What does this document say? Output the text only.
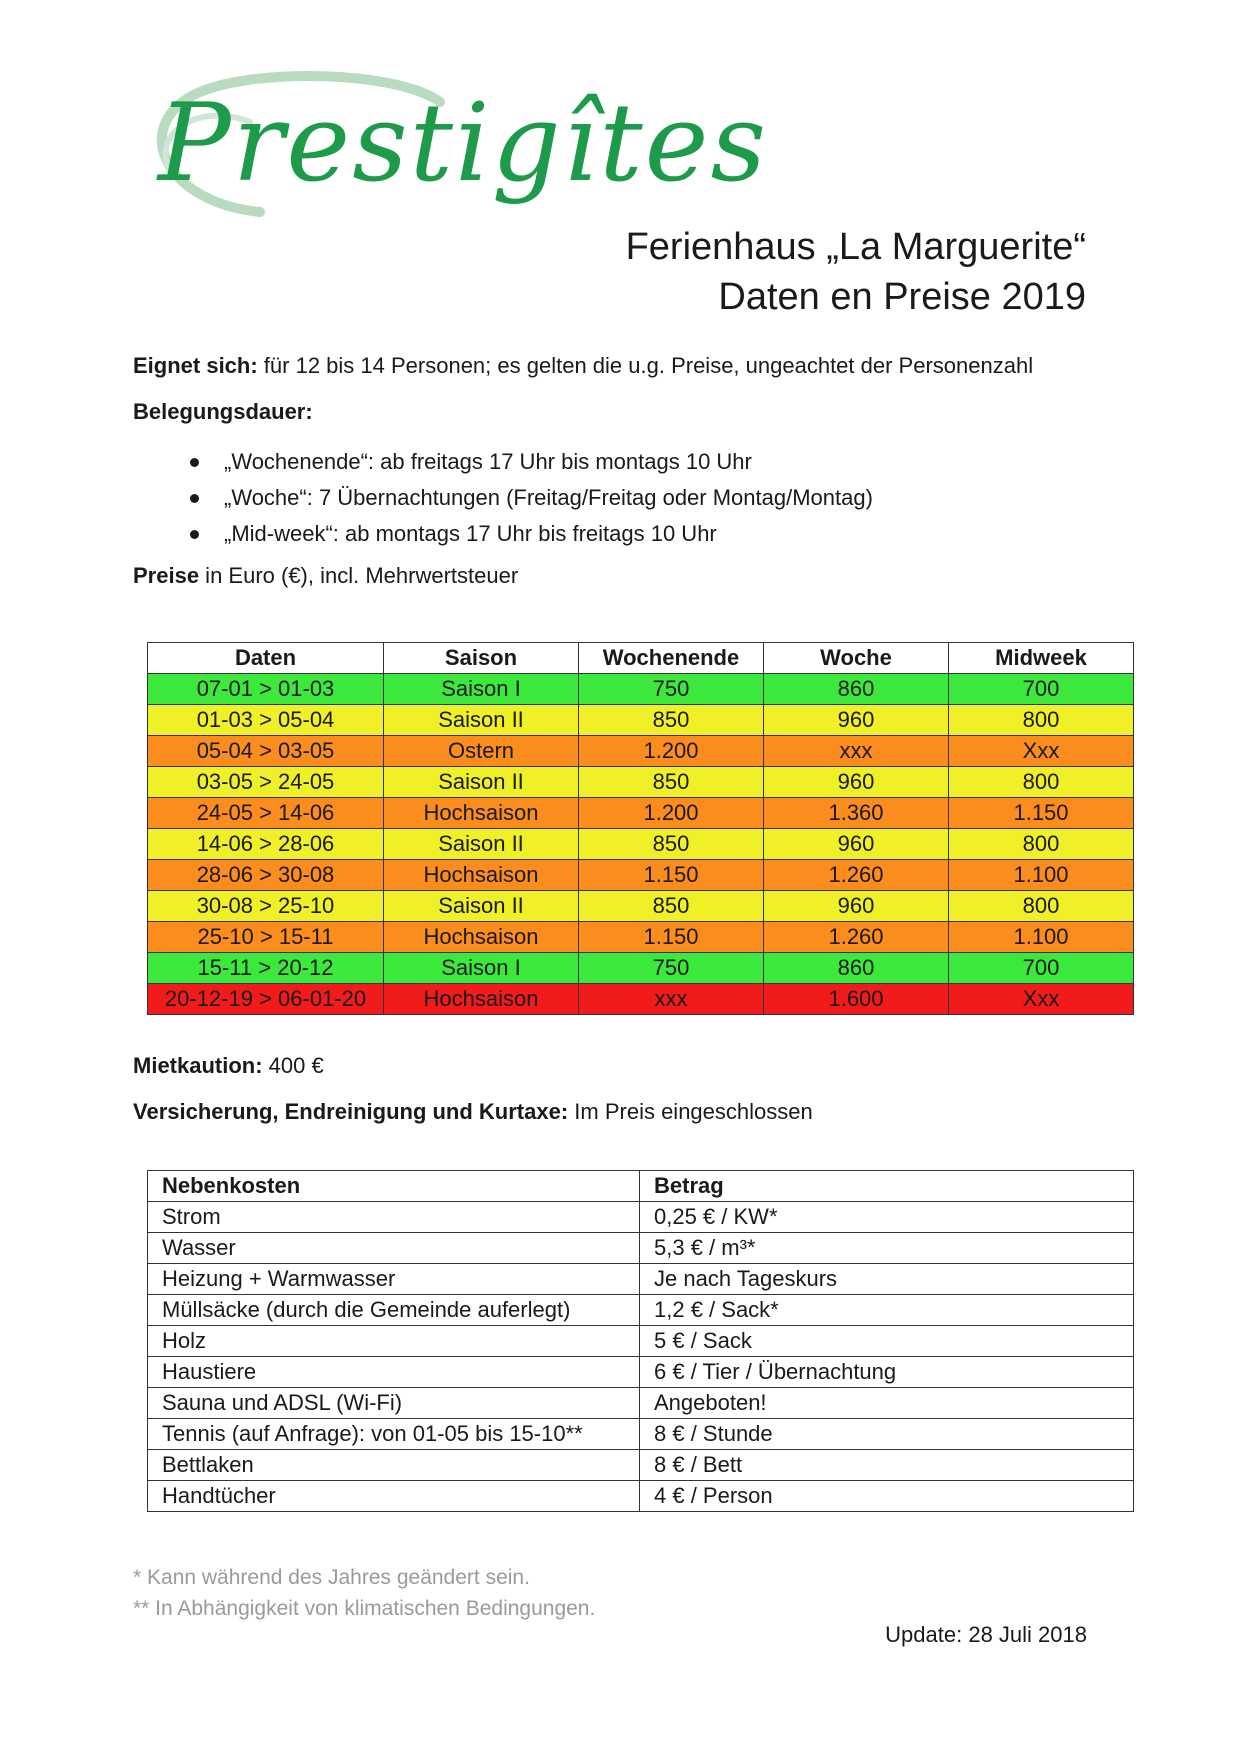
Prestigîtes
Ferienhaus „La Marguerite“
Daten en Preise 2019
Eignet sich: für 12 bis 14 Personen; es gelten die u.g. Preise, ungeachtet der Personenzahl
Belegungsdauer:
„Wochenende“: ab freitags 17 Uhr bis montags 10 Uhr
„Woche“: 7 Übernachtungen (Freitag/Freitag oder Montag/Montag)
„Mid-week“: ab montags 17 Uhr bis freitags 10 Uhr
Preise in Euro (€), incl. Mehrwertsteuer
Daten	Saison	Wochenende	Woche	Midweek
07-01 > 01-03	Saison I	750	860	700
01-03 > 05-04	Saison II	850	960	800
05-04 > 03-05	Ostern	1.200	xxx	Xxx
03-05 > 24-05	Saison II	850	960	800
24-05 > 14-06	Hochsaison	1.200	1.360	1.150
14-06 > 28-06	Saison II	850	960	800
28-06 > 30-08	Hochsaison	1.150	1.260	1.100
30-08 > 25-10	Saison II	850	960	800
25-10 > 15-11	Hochsaison	1.150	1.260	1.100
15-11 > 20-12	Saison I	750	860	700
20-12-19 > 06-01-20	Hochsaison	xxx	1.600	Xxx
Mietkaution: 400 €
Versicherung, Endreinigung und Kurtaxe: Im Preis eingeschlossen
Nebenkosten	Betrag
Strom	0,25 € / KW*
Wasser	5,3 € / m³*
Heizung + Warmwasser	Je nach Tageskurs
Müllsäcke (durch die Gemeinde auferlegt)	1,2 € / Sack*
Holz	5 € / Sack
Haustiere	6 € / Tier / Übernachtung
Sauna und ADSL (Wi-Fi)	Angeboten!
Tennis (auf Anfrage): von 01-05 bis 15-10**	8 € / Stunde
Bettlaken	8 € / Bett
Handtücher	4 € / Person
* Kann während des Jahres geändert sein.
** In Abhängigkeit von klimatischen Bedingungen.
Update: 28 Juli 2018
